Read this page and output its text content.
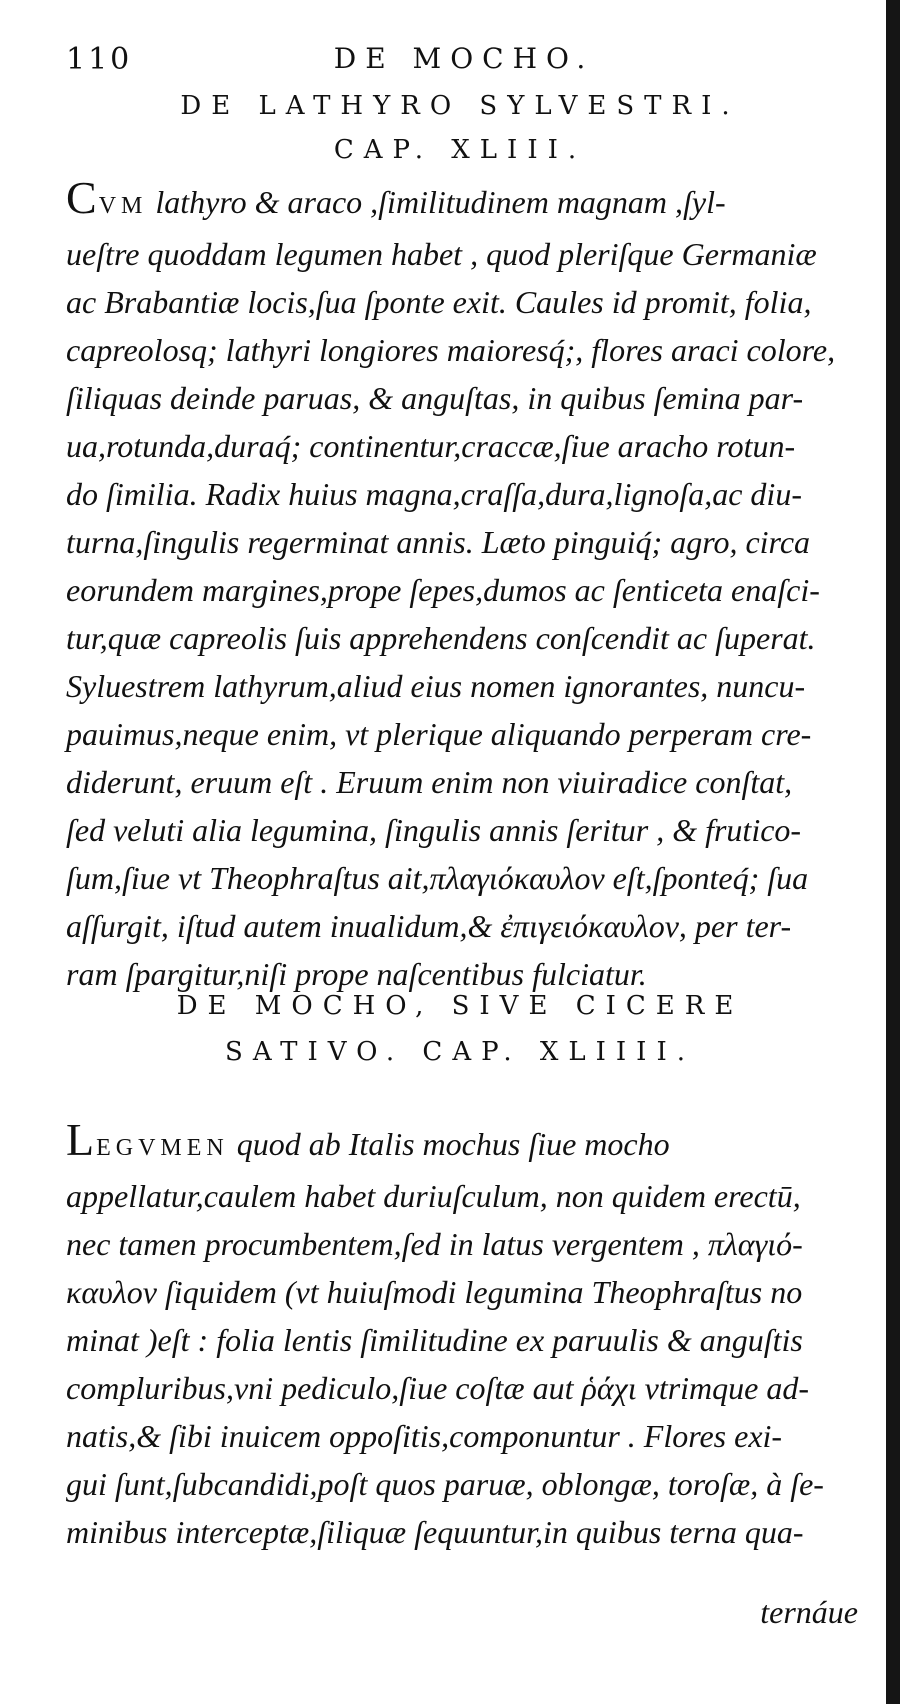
110	DE MOCHO.
DE LATHYRO SYLVESTRI.
CAP. XLIII.
CVM lathyro & araco ,ſimilitudinem magnam ,ſyl-
ueſtre quoddam legumen habet , quod pleriſque Germaniæ
ac Brabantiæ locis,ſua ſponte exit. Caules id promit, folia,
capreolosq; lathyri longiores maioresq́;, flores araci colore,
ſiliquas deinde paruas, & anguſtas, in quibus ſemina par-
ua,rotunda,duraq́; continentur,craccæ,ſiue aracho rotun-
do ſimilia. Radix huius magna,craſſa,dura,lignoſa,ac diu-
turna,ſingulis regerminat annis. Læto pinguiq́; agro, circa
eorundem margines,prope ſepes,dumos ac ſenticeta enaſci-
tur,quæ capreolis ſuis apprehendens conſcendit ac ſuperat.
Syluestrem lathyrum,aliud eius nomen ignorantes, nuncu-
pauimus,neque enim, vt plerique aliquando perperam cre-
diderunt, eruum eſt . Eruum enim non viuiradice conſtat,
ſed veluti alia legumina, ſingulis annis ſeritur , & frutico-
ſum,ſiue vt Theophraſtus ait,πλαγιόκαυλον eſt,ſponteq́; ſua
aſſurgit, iſtud autem inualidum,& ἐπιγειόκαυλον, per ter-
ram ſpargitur,niſi prope naſcentibus fulciatur.
DE MOCHO, SIVE CICERE
SATIVO. CAP. XLIIII.
LEGVMEN quod ab Italis mochus ſiue mocho
appellatur,caulem habet duriuſculum, non quidem erectū,
nec tamen procumbentem,ſed in latus vergentem , πλαγιό-
καυλον ſiquidem (vt huiuſmodi legumina Theophraſtus no
minat )eſt : folia lentis ſimilitudine ex paruulis & anguſtis
compluribus,vni pediculo,ſiue coſtæ aut ῥάχι vtrimque ad-
natis,& ſibi inuicem oppoſitis,componuntur . Flores exi-
gui ſunt,ſubcandidi,poſt quos paruæ, oblongæ, toroſæ, à ſe-
minibus interceptæ,ſiliquæ ſequuntur,in quibus terna qua-
ternáue
